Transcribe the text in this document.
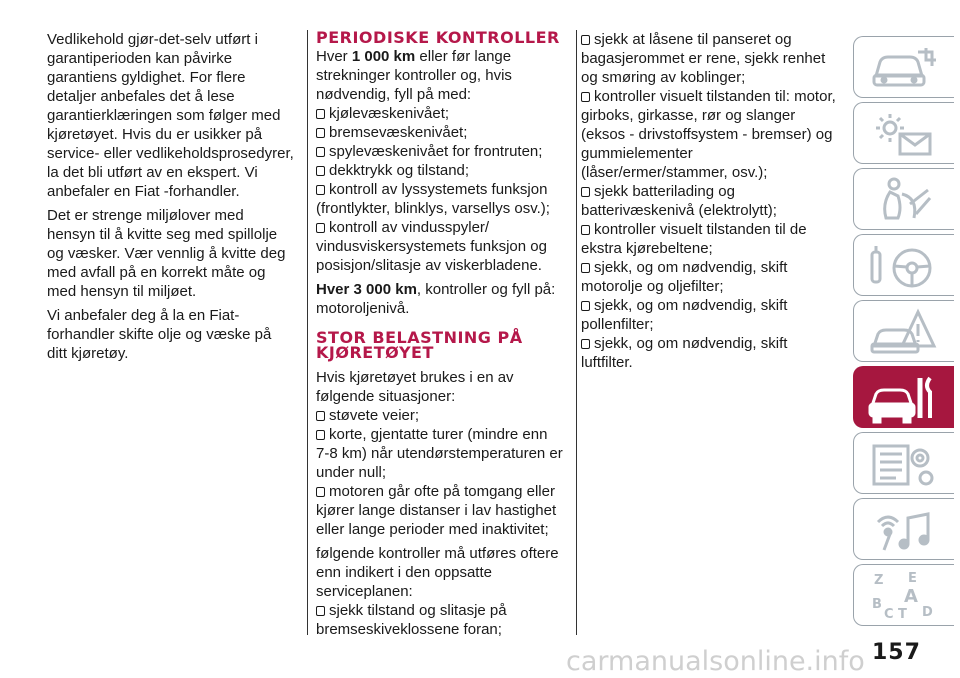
Vedlikehold gjør-det-selv utført i garantiperioden kan påvirke garantiens gyldighet. For flere detaljer anbefales det å lese garantierklæringen som følger med kjøretøyet. Hvis du er usikker på service- eller vedlikeholdsprosedyrer, la det bli utført av en ekspert. Vi anbefaler en Fiat -forhandler.

Det er strenge miljølover med hensyn til å kvitte seg med spillolje og væsker. Vær vennlig å kvitte deg med avfall på en korrekt måte og med hensyn til miljøet.

Vi anbefaler deg å la en Fiat-forhandler skifte olje og væske på ditt kjøretøy.

PERIODISKE KONTROLLER

Hver 1 000 km eller før lange strekninger kontroller og, hvis nødvendig, fyll på med:

kjølevæskenivået;
bremsevæskenivået;
spylevæskenivået for frontruten;
dekktrykk og tilstand;
kontroll av lyssystemets funksjon (frontlykter, blinklys, varsellys osv.);
kontroll av vindusspyler/ vindusviskersystemets funksjon og posisjon/slitasje av viskerbladene.

Hver 3 000 km, kontroller og fyll på: motoroljenivå.

STOR BELASTNING PÅ KJØRETØYET

Hvis kjøretøyet brukes i en av følgende situasjoner:

støvete veier;
korte, gjentatte turer (mindre enn 7-8 km) når utendørstemperaturen er under null;
motoren går ofte på tomgang eller kjører lange distanser i lav hastighet eller lange perioder med inaktivitet;

følgende kontroller må utføres oftere enn indikert i den oppsatte serviceplanen:

sjekk tilstand og slitasje på bremseskiveklossene foran;
sjekk at låsene til panseret og bagasjerommet er rene, sjekk renhet og smøring av koblinger;
kontroller visuelt tilstanden til: motor, girboks, girkasse, rør og slanger (eksos - drivstoffsystem - bremser) og gummielementer (låser/ermer/stammer, osv.);
sjekk batterilading og batterivæskenivå (elektrolytt);
kontroller visuelt tilstanden til de ekstra kjørebeltene;
sjekk, og om nødvendig, skift motorolje og oljefilter;
sjekk, og om nødvendig, skift pollenfilter;
sjekk, og om nødvendig, skift luftfilter.
Z E
B A
C T D
carmanualsonline.info 157
